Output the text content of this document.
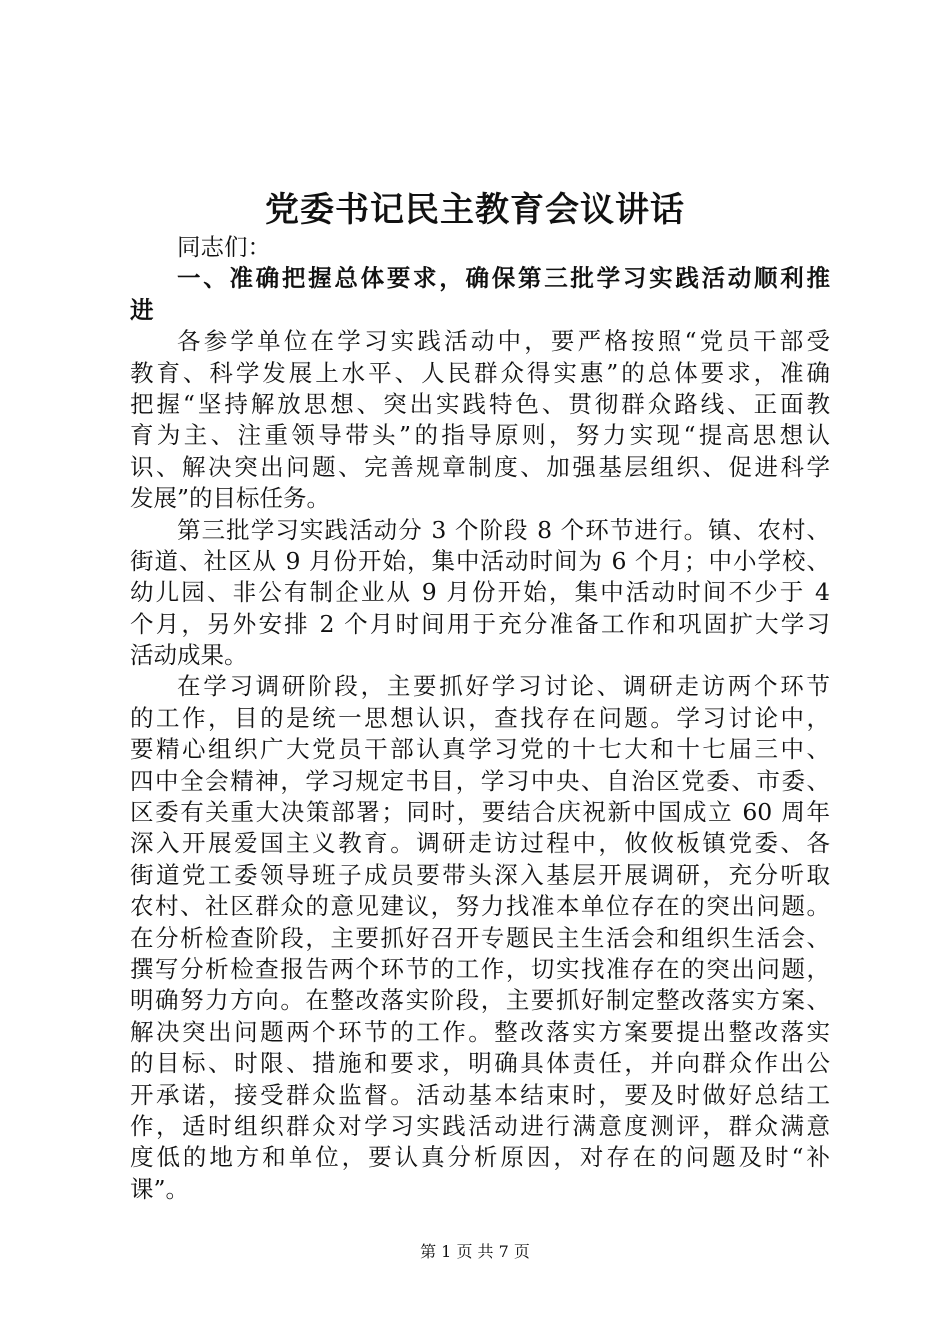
党委书记民主教育会议讲话
同志们：
一、准确把握总体要求，确保第三批学习实践活动顺利推
进
各参学单位在学习实践活动中，要严格按照“党员干部受
教育、科学发展上水平、人民群众得实惠”的总体要求，准确
把握“坚持解放思想、突出实践特色、贯彻群众路线、正面教
育为主、注重领导带头”的指导原则，努力实现“提高思想认
识、解决突出问题、完善规章制度、加强基层组织、促进科学
发展”的目标任务。
第三批学习实践活动分 3 个阶段 8 个环节进行。镇、农村、
街道、社区从 9 月份开始，集中活动时间为 6 个月；中小学校、
幼儿园、非公有制企业从 9 月份开始，集中活动时间不少于 4
个月，另外安排 2 个月时间用于充分准备工作和巩固扩大学习
活动成果。
在学习调研阶段，主要抓好学习讨论、调研走访两个环节
的工作，目的是统一思想认识，查找存在问题。学习讨论中，
要精心组织广大党员干部认真学习党的十七大和十七届三中、
四中全会精神，学习规定书目，学习中央、自治区党委、市委、
区委有关重大决策部署；同时，要结合庆祝新中国成立 60 周年
深入开展爱国主义教育。调研走访过程中，攸攸板镇党委、各
街道党工委领导班子成员要带头深入基层开展调研，充分听取
农村、社区群众的意见建议，努力找准本单位存在的突出问题。
在分析检查阶段，主要抓好召开专题民主生活会和组织生活会、
撰写分析检查报告两个环节的工作，切实找准存在的突出问题，
明确努力方向。在整改落实阶段，主要抓好制定整改落实方案、
解决突出问题两个环节的工作。整改落实方案要提出整改落实
的目标、时限、措施和要求，明确具体责任，并向群众作出公
开承诺，接受群众监督。活动基本结束时，要及时做好总结工
作，适时组织群众对学习实践活动进行满意度测评，群众满意
度低的地方和单位，要认真分析原因，对存在的问题及时“补
课”。
第 1 页 共 7 页
